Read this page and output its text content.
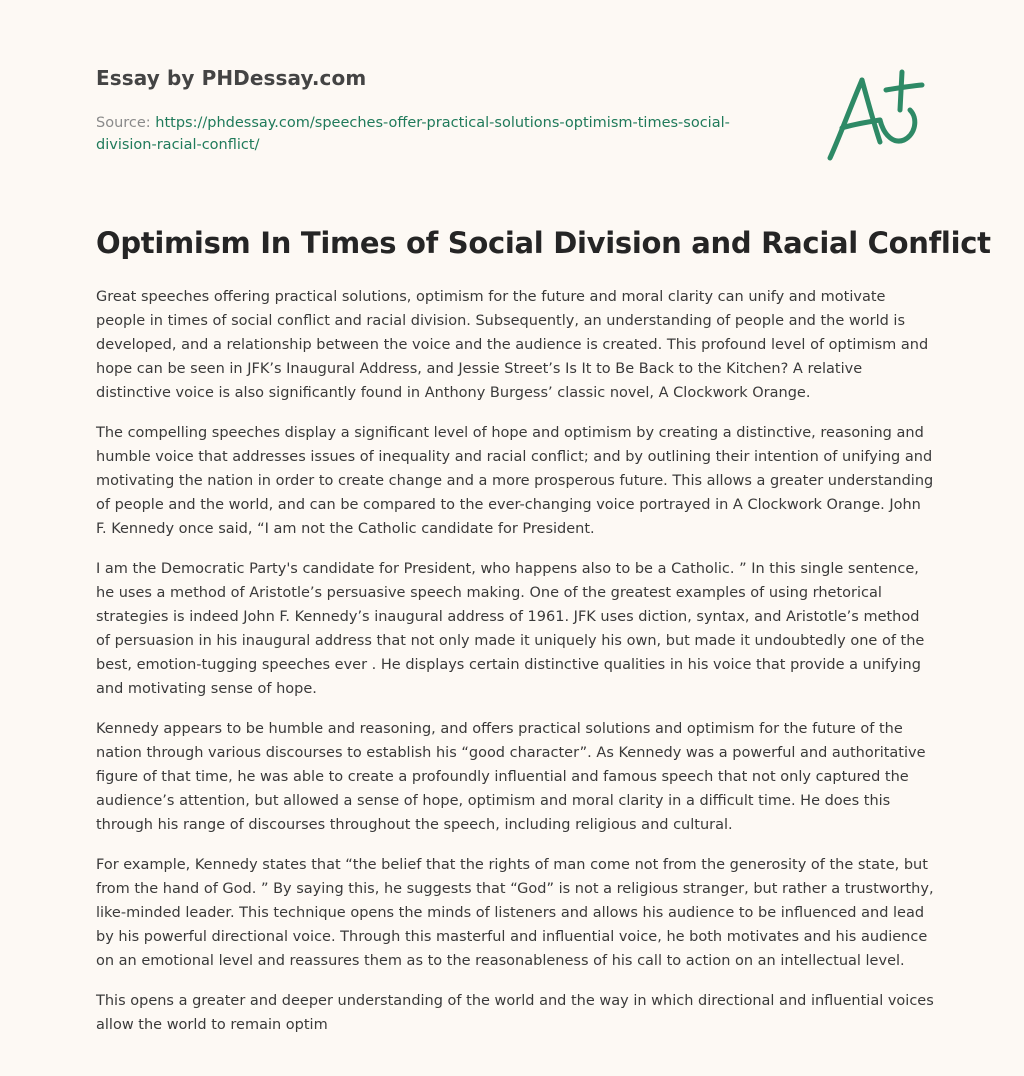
Essay by PHDessay.com
Source: https://phdessay.com/speeches-offer-practical-solutions-optimism-times-social-division-racial-conflict/
Optimism In Times of Social Division and Racial Conflict

Great speeches offering practical solutions, optimism for the future and moral clarity can unify and motivate people in times of social conflict and racial division. Subsequently, an understanding of people and the world is developed, and a relationship between the voice and the audience is created. This profound level of optimism and hope can be seen in JFK’s Inaugural Address, and Jessie Street’s Is It to Be Back to the Kitchen? A relative distinctive voice is also significantly found in Anthony Burgess’ classic novel, A Clockwork Orange.

The compelling speeches display a significant level of hope and optimism by creating a distinctive, reasoning and humble voice that addresses issues of inequality and racial conflict; and by outlining their intention of unifying and motivating the nation in order to create change and a more prosperous future. This allows a greater understanding of people and the world, and can be compared to the ever-changing voice portrayed in A Clockwork Orange. John F. Kennedy once said, “I am not the Catholic candidate for President.

I am the Democratic Party's candidate for President, who happens also to be a Catholic. ” In this single sentence, he uses a method of Aristotle’s persuasive speech making. One of the greatest examples of using rhetorical strategies is indeed John F. Kennedy’s inaugural address of 1961. JFK uses diction, syntax, and Aristotle’s method of persuasion in his inaugural address that not only made it uniquely his own, but made it undoubtedly one of the best, emotion-tugging speeches ever . He displays certain distinctive qualities in his voice that provide a unifying and motivating sense of hope.

Kennedy appears to be humble and reasoning, and offers practical solutions and optimism for the future of the nation through various discourses to establish his “good character”. As Kennedy was a powerful and authoritative figure of that time, he was able to create a profoundly influential and famous speech that not only captured the audience’s attention, but allowed a sense of hope, optimism and moral clarity in a difficult time. He does this through his range of discourses throughout the speech, including religious and cultural.

For example, Kennedy states that “the belief that the rights of man come not from the generosity of the state, but from the hand of God. ” By saying this, he suggests that “God” is not a religious stranger, but rather a trustworthy, like-minded leader. This technique opens the minds of listeners and allows his audience to be influenced and lead by his powerful directional voice. Through this masterful and influential voice, he both motivates and his audience on an emotional level and reassures them as to the reasonableness of his call to action on an intellectual level.

This opens a greater and deeper understanding of the world and the way in which directional and influential voices allow the world to remain optim
